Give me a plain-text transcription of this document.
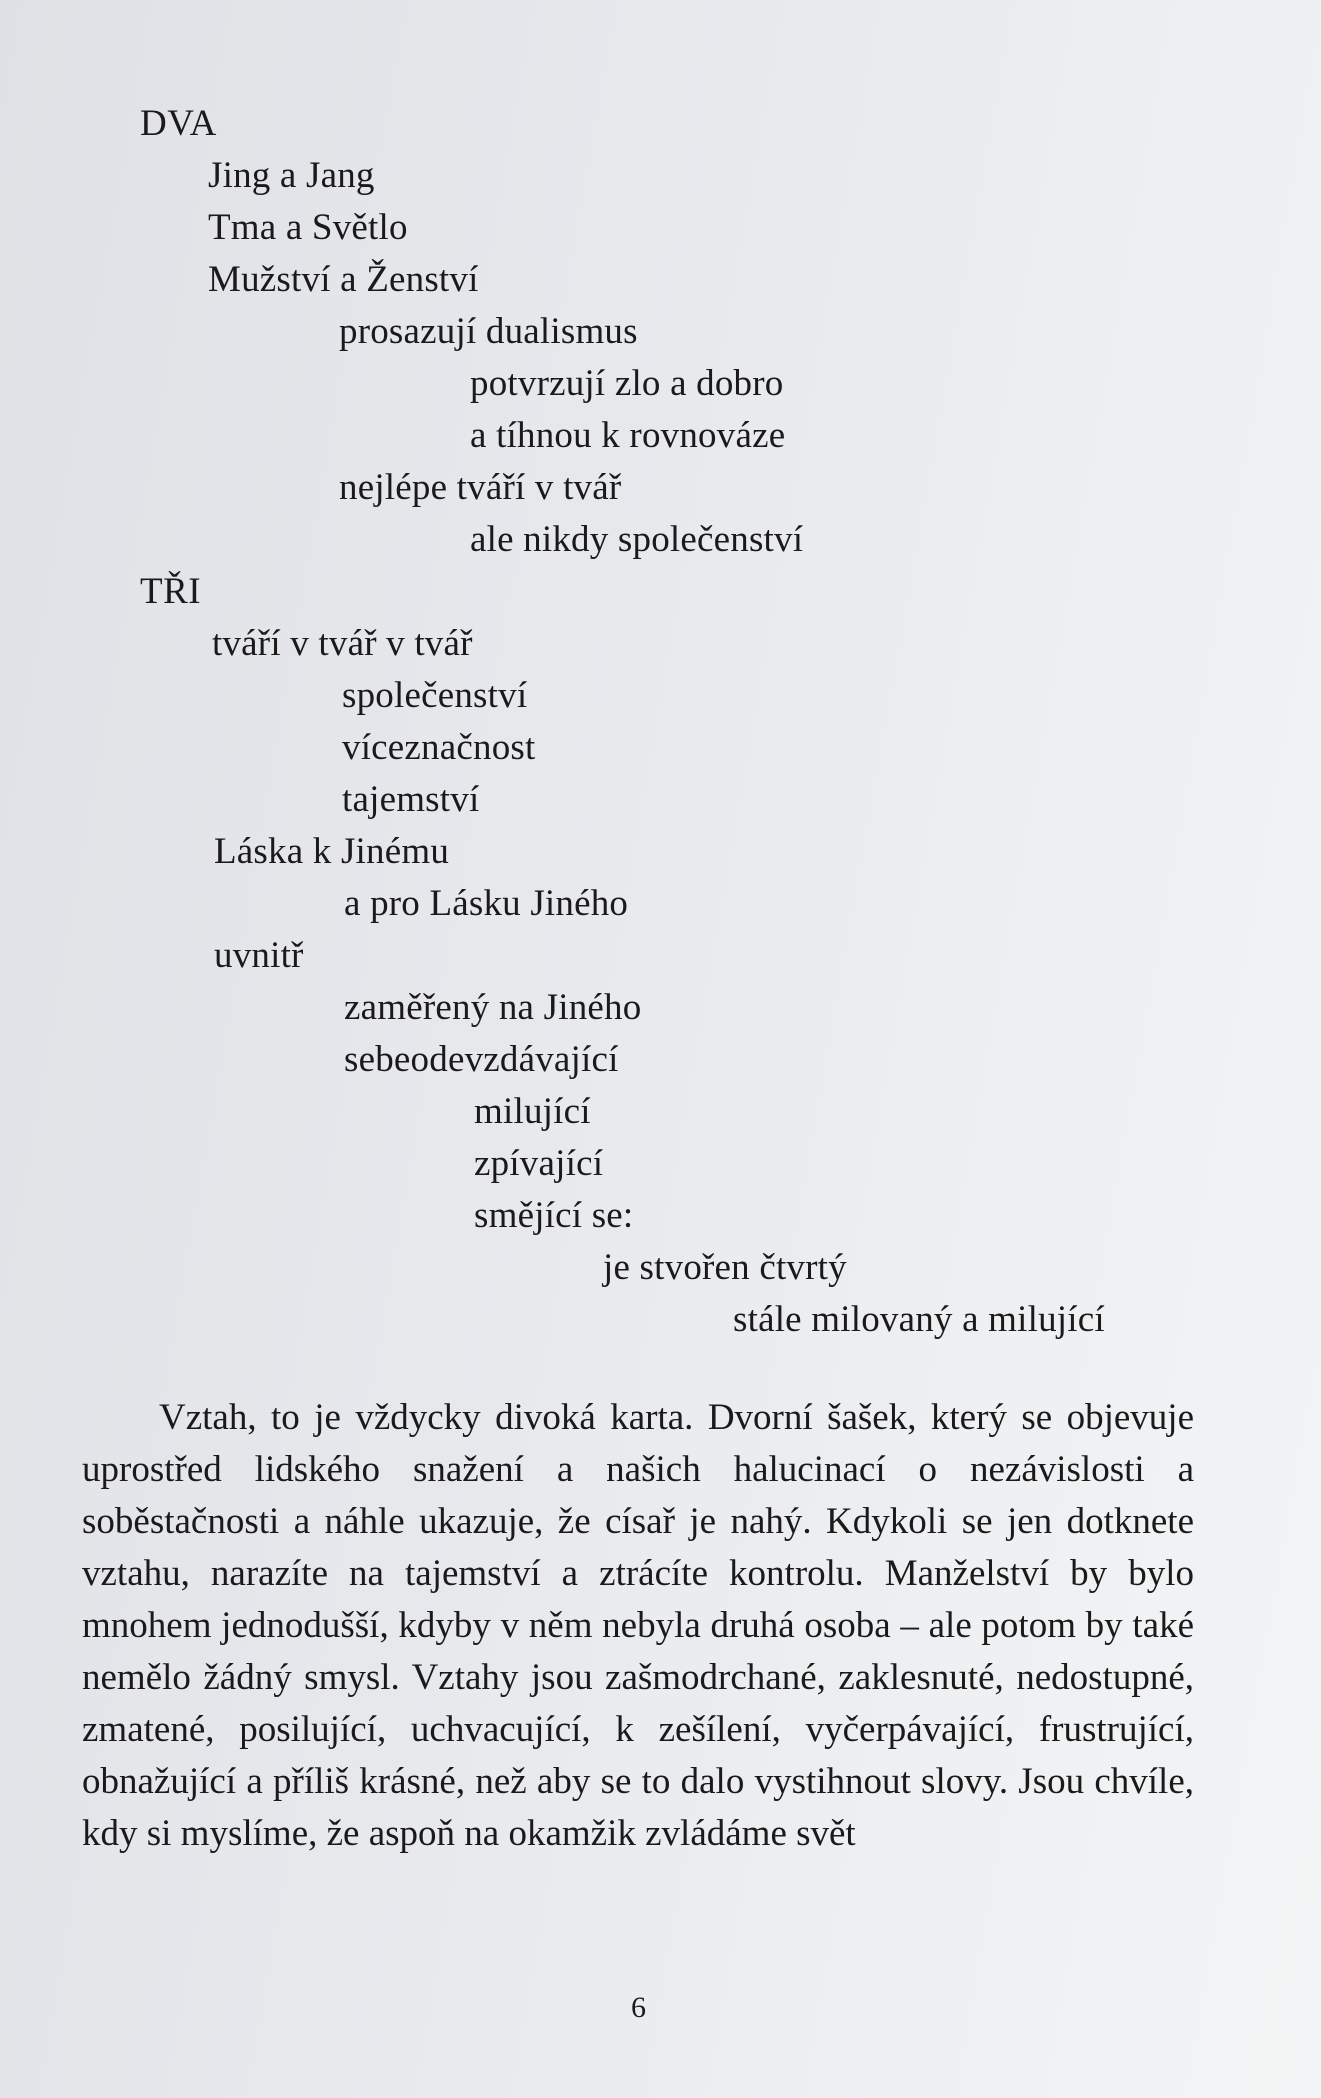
DVA
Jing a Jang
Tma a Světlo
Mužství a Ženství
prosazují dualismus
potvrzují zlo a dobro
a tíhnou k rovnováze
nejlépe tváří v tvář
ale nikdy společenství
TŘI
tváří v tvář v tvář
společenství
víceznačnost
tajemství
Láska k Jinému
a pro Lásku Jiného
uvnitř
zaměřený na Jiného
sebeodevzdávající
milující
zpívající
smějící se:
je stvořen čtvrtý
stále milovaný a milující

Vztah, to je vždycky divoká karta. Dvorní šašek, který se objevuje uprostřed lidského snažení a našich halucinací o nezávislosti a soběstačnosti a náhle ukazuje, že císař je nahý. Kdykoli se jen dotknete vztahu, narazíte na tajemství a ztrácíte kontrolu. Manželství by bylo mnohem jednodušší, kdyby v něm nebyla druhá osoba – ale potom by také nemělo žádný smysl. Vztahy jsou zašmodrchané, zaklesnuté, nedostupné, zmatené, posilující, uchvacující, k zešílení, vyčerpávající, frustrující, obnažující a příliš krásné, než aby se to dalo vystihnout slovy. Jsou chvíle, kdy si myslíme, že aspoň na okamžik zvládáme svět

6
